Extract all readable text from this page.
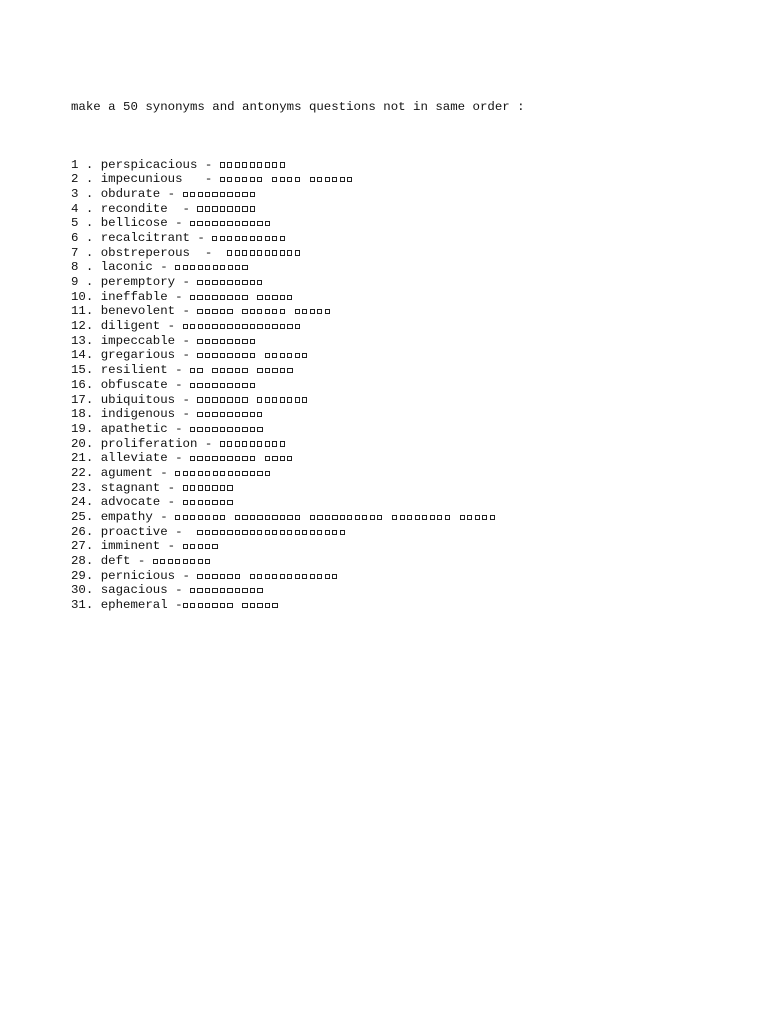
make a 50 synonyms and antonyms questions not in same order :

1 . perspicacious -
2 . impecunious   -
3 . obdurate -
4 . recondite  -
5 . bellicose -
6 . recalcitrant -
7 . obstreperous  -
8 . laconic -
9 . peremptory -
10. ineffable -
11. benevolent -
12. diligent -
13. impeccable -
14. gregarious -
15. resilient -
16. obfuscate -
17. ubiquitous -
18. indigenous -
19. apathetic -
20. proliferation -
21. alleviate -
22. agument -
23. stagnant -
24. advocate -
25. empathy -
26. proactive -
27. imminent -
28. deft -
29. pernicious -
30. sagacious -
31. ephemeral -
